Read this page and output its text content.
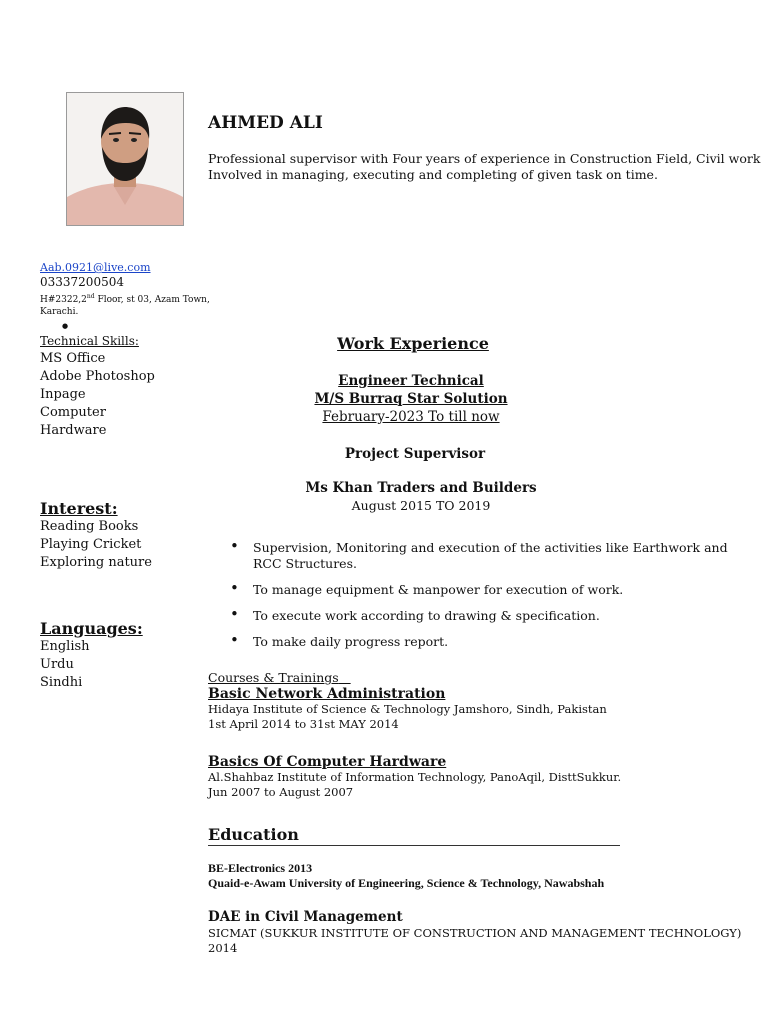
AHMED ALI
Professional supervisor with Four years of experience in Construction Field, Civil work
Involved in managing, executing and completing of given task on time.
Aab.0921@live.com
03337200504
H#2322,2nd Floor, st 03, Azam Town,
Karachi.
●
Technical Skills:
MS Office
Adobe Photoshop
Inpage
Computer
Hardware
Interest:
Reading Books
Playing Cricket
Exploring nature
Languages:
English
Urdu
Sindhi
Work Experience
Engineer Technical
M/S Burraq Star Solution
February-2023 To till now
Project Supervisor
Ms Khan Traders and Builders
August 2015 TO 2019
• Supervision, Monitoring and execution of the activities like Earthwork and RCC Structures.
• To manage equipment & manpower for execution of work.
• To execute work according to drawing & specification.
• To make daily progress report.
Courses & Trainings
Basic Network Administration
Hidaya Institute of Science & Technology Jamshoro, Sindh, Pakistan
1st April 2014 to 31st MAY 2014
Basics Of Computer Hardware
Al.Shahbaz Institute of Information Technology, PanoAqil, DisttSukkur.
Jun 2007 to August 2007
Education
BE-Electronics 2013
Quaid-e-Awam University of Engineering, Science & Technology, Nawabshah
DAE in Civil Management
SICMAT (SUKKUR INSTITUTE OF CONSTRUCTION AND MANAGEMENT TECHNOLOGY)
2014
